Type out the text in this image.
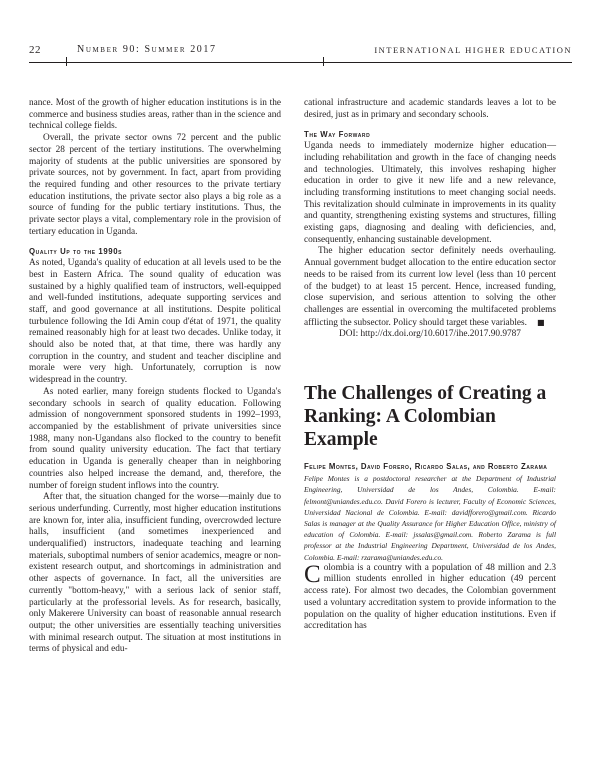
22	Number 90: Summer 2017	INTERNATIONAL HIGHER EDUCATION

nance. Most of the growth of higher education institutions is in the commerce and business studies areas, rather than in the science and technical college fields.

Overall, the private sector owns 72 percent and the public sector 28 percent of the tertiary institutions. The overwhelming majority of students at the public universities are sponsored by private sources, not by government. In fact, apart from providing the required funding and other resources to the private tertiary education institutions, the private sector also plays a big role as a source of funding for the public tertiary institutions. Thus, the private sector plays a vital, complementary role in the provision of tertiary education in Uganda.

Quality Up to the 1990s

As noted, Uganda's quality of education at all levels used to be the best in Eastern Africa. The sound quality of education was sustained by a highly qualified team of instructors, well-equipped and well-funded institutions, adequate supporting services and staff, and good governance at all institutions. Despite political turbulence following the Idi Amin coup d'état of 1971, the quality remained reasonably high for at least two decades. Unlike today, it should also be noted that, at that time, there was hardly any corruption in the country, and student and teacher discipline and morale were very high. Unfortunately, corruption is now widespread in the country.

As noted earlier, many foreign students flocked to Uganda's secondary schools in search of quality education. Following admission of nongovernment sponsored students in 1992–1993, accompanied by the establishment of private universities since 1988, many non-Ugandans also flocked to the country to benefit from sound quality university education. The fact that tertiary education in Uganda is generally cheaper than in neighboring countries also helped increase the demand, and, therefore, the number of foreign student inflows into the country.

After that, the situation changed for the worse—mainly due to serious underfunding. Currently, most higher education institutions are known for, inter alia, insufficient funding, overcrowded lecture halls, insufficient (and sometimes inexperienced and underqualified) instructors, inadequate teaching and learning materials, suboptimal numbers of senior academics, meagre or non-existent research output, and shortcomings in administration and other aspects of governance. In fact, all the universities are currently "bottom-heavy," with a serious lack of senior staff, particularly at the professorial levels. As for research, basically, only Makerere University can boast of reasonable annual research output; the other universities are essentially teaching universities with minimal research output. The situation at most institutions in terms of physical and edu-

cational infrastructure and academic standards leaves a lot to be desired, just as in primary and secondary schools.

The Way Forward

Uganda needs to immediately modernize higher education—including rehabilitation and growth in the face of changing needs and technologies. Ultimately, this involves reshaping higher education in order to give it new life and a new relevance, including transforming institutions to meet changing social needs. This revitalization should culminate in improvements in its quality and quantity, strengthening existing systems and structures, filling existing gaps, diagnosing and dealing with deficiencies, and, consequently, enhancing sustainable development.

The higher education sector definitely needs overhauling. Annual government budget allocation to the entire education sector needs to be raised from its current low level (less than 10 percent of the budget) to at least 15 percent. Hence, increased funding, close supervision, and serious attention to solving the other challenges are essential in overcoming the multifaceted problems afflicting the subsector. Policy should target these variables. ■

DOI: http://dx.doi.org/10.6017/ihe.2017.90.9787

The Challenges of Creating a Ranking: A Colombian Example
Felipe Montes, David Forero, Ricardo Salas, and Roberto Zarama

Felipe Montes is a postdoctoral researcher at the Department of Industrial Engineering, Universidad de los Andes, Colombia. E-mail: felmont@uniandes.edu.co. David Forero is lecturer, Faculty of Economic Sciences, Universidad Nacional de Colombia. E-mail: davidfforero@gmail.com. Ricardo Salas is manager at the Quality Assurance for Higher Education Office, ministry of education of Colombia. E-mail: jssalas@gmail.com. Roberto Zarama is full professor at the Industrial Engineering Department, Universidad de los Andes, Colombia. E-mail: rzarama@uniandes.edu.co.

Colombia is a country with a population of 48 million and 2.3 million students enrolled in higher education (49 percent access rate). For almost two decades, the Colombian government used a voluntary accreditation system to provide information to the population on the quality of higher education institutions. Even if accreditation has
